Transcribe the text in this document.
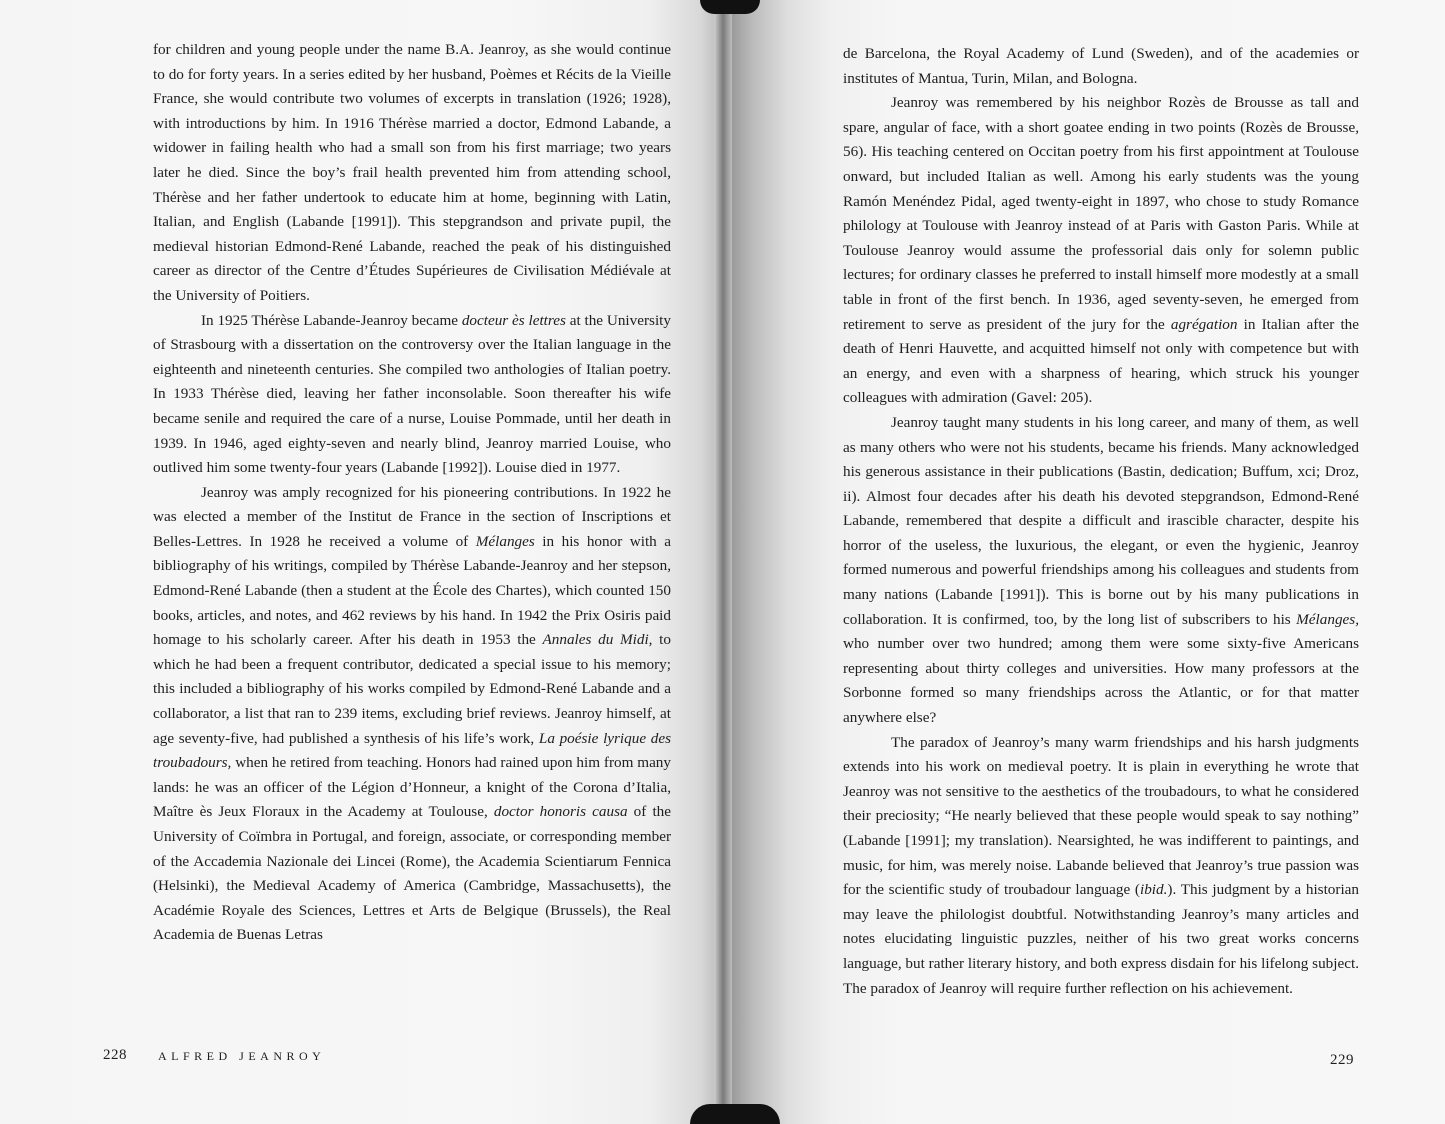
for children and young people under the name B.A. Jeanroy, as she would continue to do for forty years. In a series edited by her husband, Poèmes et Récits de la Vieille France, she would contribute two volumes of excerpts in translation (1926; 1928), with introductions by him. In 1916 Thérèse married a doctor, Edmond Labande, a widower in failing health who had a small son from his first marriage; two years later he died. Since the boy’s frail health prevented him from attending school, Thérèse and her father undertook to educate him at home, beginning with Latin, Italian, and English (Labande [1991]). This stepgrandson and private pupil, the medieval historian Edmond-René Labande, reached the peak of his distinguished career as director of the Centre d’Études Supérieures de Civilisation Médiévale at the University of Poitiers.

In 1925 Thérèse Labande-Jeanroy became docteur ès lettres at the University of Strasbourg with a dissertation on the controversy over the Italian language in the eighteenth and nineteenth centuries. She compiled two anthologies of Italian poetry. In 1933 Thérèse died, leaving her father inconsolable. Soon thereafter his wife became senile and required the care of a nurse, Louise Pommade, until her death in 1939. In 1946, aged eighty-seven and nearly blind, Jeanroy married Louise, who outlived him some twenty-four years (Labande [1992]). Louise died in 1977.

Jeanroy was amply recognized for his pioneering contributions. In 1922 he was elected a member of the Institut de France in the section of Inscriptions et Belles-Lettres. In 1928 he received a volume of Mélanges in his honor with a bibliography of his writings, compiled by Thérèse Labande-Jeanroy and her stepson, Edmond-René Labande (then a student at the École des Chartes), which counted 150 books, articles, and notes, and 462 reviews by his hand. In 1942 the Prix Osiris paid homage to his scholarly career. After his death in 1953 the Annales du Midi, to which he had been a frequent contributor, dedicated a special issue to his memory; this included a bibliography of his works compiled by Edmond-René Labande and a collaborator, a list that ran to 239 items, excluding brief reviews. Jeanroy himself, at age seventy-five, had published a synthesis of his life’s work, La poésie lyrique des troubadours, when he retired from teaching. Honors had rained upon him from many lands: he was an officer of the Légion d’Honneur, a knight of the Corona d’Italia, Maître ès Jeux Floraux in the Academy at Toulouse, doctor honoris causa of the University of Coïmbra in Portugal, and foreign, associate, or corresponding member of the Accademia Nazionale dei Lincei (Rome), the Academia Scientiarum Fennica (Helsinki), the Medieval Academy of America (Cambridge, Massachusetts), the Académie Royale des Sciences, Lettres et Arts de Belgique (Brussels), the Real Academia de Buenas Letras

228	ALFRED JEANROY

de Barcelona, the Royal Academy of Lund (Sweden), and of the academies or institutes of Mantua, Turin, Milan, and Bologna.

Jeanroy was remembered by his neighbor Rozès de Brousse as tall and spare, angular of face, with a short goatee ending in two points (Rozès de Brousse, 56). His teaching centered on Occitan poetry from his first appointment at Toulouse onward, but included Italian as well. Among his early students was the young Ramón Menéndez Pidal, aged twenty-eight in 1897, who chose to study Romance philology at Toulouse with Jeanroy instead of at Paris with Gaston Paris. While at Toulouse Jeanroy would assume the professorial dais only for solemn public lectures; for ordinary classes he preferred to install himself more modestly at a small table in front of the first bench. In 1936, aged seventy-seven, he emerged from retirement to serve as president of the jury for the agrégation in Italian after the death of Henri Hauvette, and acquitted himself not only with competence but with an energy, and even with a sharpness of hearing, which struck his younger colleagues with admiration (Gavel: 205).

Jeanroy taught many students in his long career, and many of them, as well as many others who were not his students, became his friends. Many acknowledged his generous assistance in their publications (Bastin, dedication; Buffum, xci; Droz, ii). Almost four decades after his death his devoted stepgrandson, Edmond-René Labande, remembered that despite a difficult and irascible character, despite his horror of the useless, the luxurious, the elegant, or even the hygienic, Jeanroy formed numerous and powerful friendships among his colleagues and students from many nations (Labande [1991]). This is borne out by his many publications in collaboration. It is confirmed, too, by the long list of subscribers to his Mélanges, who number over two hundred; among them were some sixty-five Americans representing about thirty colleges and universities. How many professors at the Sorbonne formed so many friendships across the Atlantic, or for that matter anywhere else?

The paradox of Jeanroy’s many warm friendships and his harsh judgments extends into his work on medieval poetry. It is plain in everything he wrote that Jeanroy was not sensitive to the aesthetics of the troubadours, to what he considered their preciosity; “He nearly believed that these people would speak to say nothing” (Labande [1991]; my translation). Nearsighted, he was indifferent to paintings, and music, for him, was merely noise. Labande believed that Jeanroy’s true passion was for the scientific study of troubadour language (ibid.). This judgment by a historian may leave the philologist doubtful. Notwithstanding Jeanroy’s many articles and notes elucidating linguistic puzzles, neither of his two great works concerns language, but rather literary history, and both express disdain for his lifelong subject. The paradox of Jeanroy will require further reflection on his achievement.

229
